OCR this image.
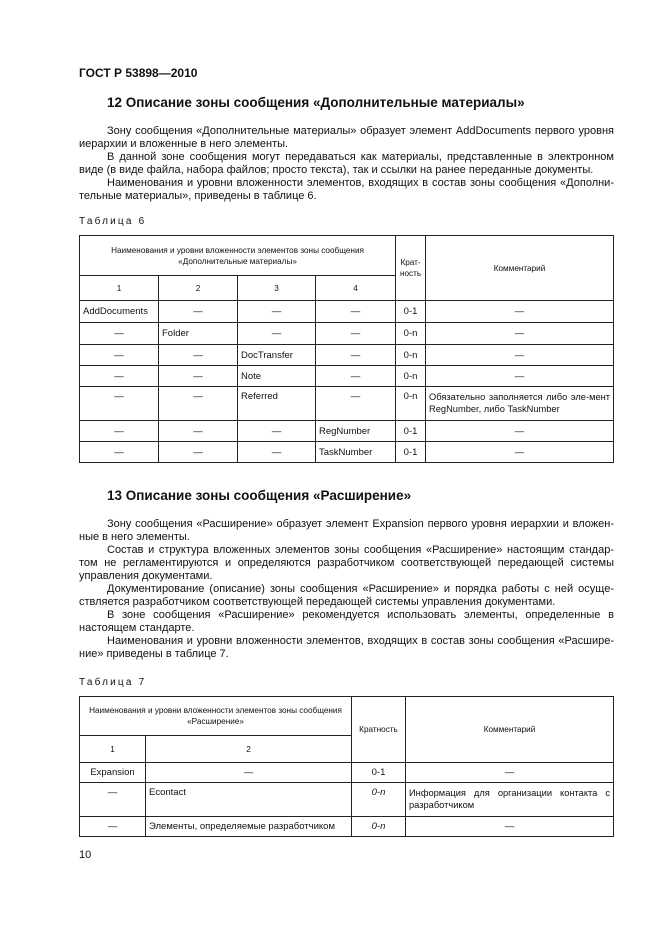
ГОСТ Р 53898—2010
12 Описание зоны сообщения «Дополнительные материалы»

Зону сообщения «Дополнительные материалы» образует элемент AddDocuments первого уровня
иерархии и вложенные в него элементы.

В данной зоне сообщения могут передаваться как материалы, представленные в электронном
виде (в виде файла, набора файлов; просто текста), так и ссылки на ранее переданные документы.

Наименования и уровни вложенности элементов, входящих в состав зоны сообщения «Дополни-
тельные материалы», приведены в таблице 6.

Таблица 6
Наименования и уровни вложенности элементов зоны сообщения «Дополнительные материалы»				Крат-ность	Комментарий
1	2	3	4		
AddDocuments	—	—	—	0-1	—
—	Folder	—	—	0-n	—
—	—	DocTransfer	—	0-n	—
—	—	Note	—	0-n	—
—	—	Referred	—	0-n	Обязательно заполняется либо эле-мент RegNumber, либо TaskNumber
—	—	—	RegNumber	0-1	—
—	—	—	TaskNumber	0-1	—
13 Описание зоны сообщения «Расширение»

Зону сообщения «Расширение» образует элемент Expansion первого уровня иерархии и вложен-
ные в него элементы.

Состав и структура вложенных элементов зоны сообщения «Расширение» настоящим стандар-
том не регламентируются и определяются разработчиком соответствующей передающей системы
управления документами.

Документирование (описание) зоны сообщения «Расширение» и порядка работы с ней осуще-
ствляется разработчиком соответствующей передающей системы управления документами.

В зоне сообщения «Расширение» рекомендуется использовать элементы, определенные в
настоящем стандарте.

Наименования и уровни вложенности элементов, входящих в состав зоны сообщения «Расшире-
ние» приведены в таблице 7.

Таблица 7
Наименования и уровни вложенности элементов зоны сообщения «Расширение»		Кратность	Комментарий
1	2		
Expansion	—	0-1	—
—	Econtact	0-n	Информация для организации контакта с разработчиком
—	Элементы, определяемые разработчиком	0-n	—
10
